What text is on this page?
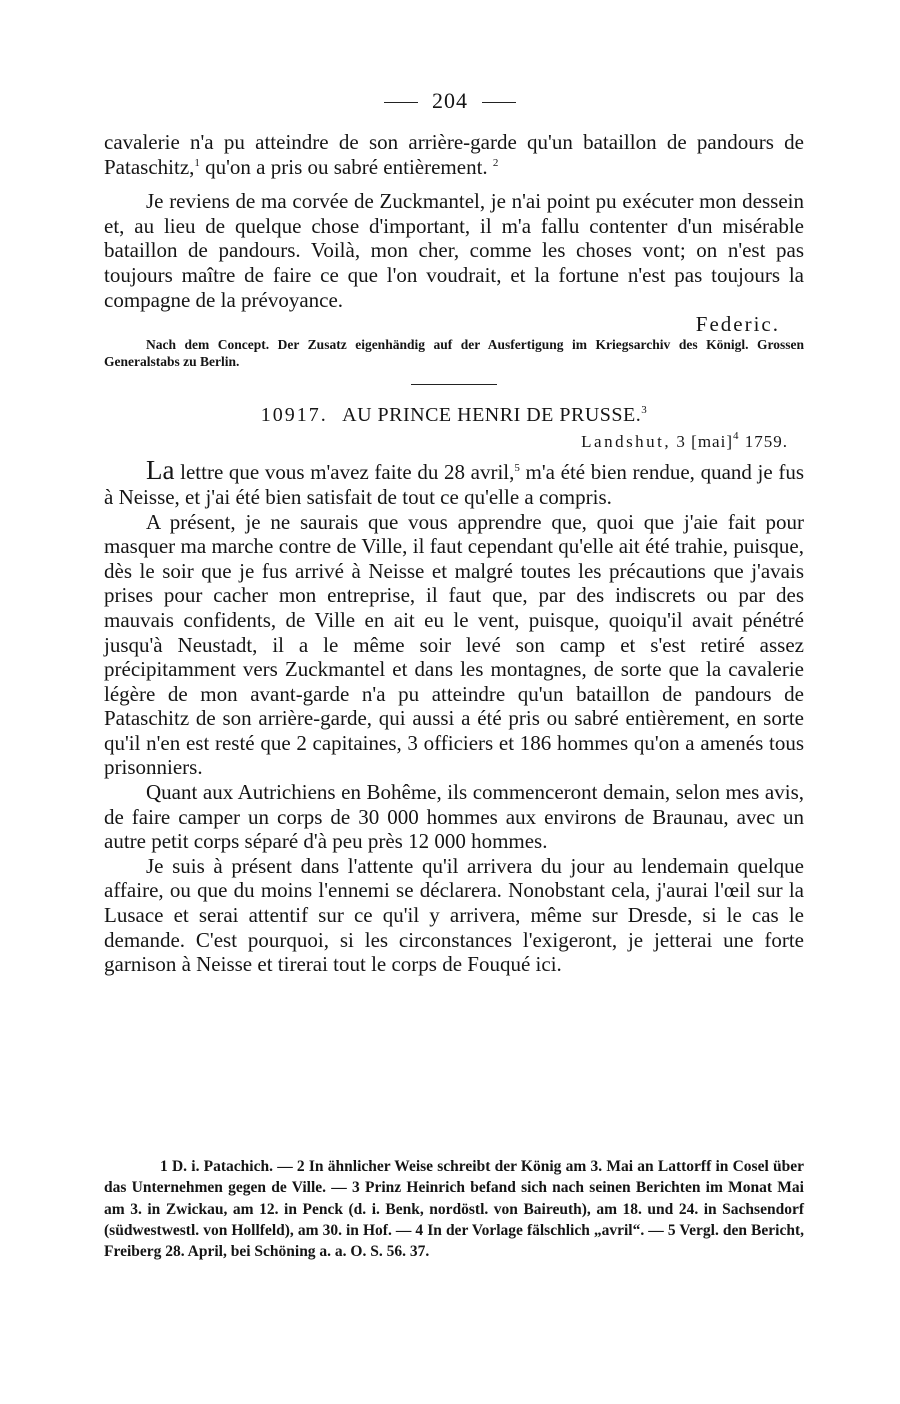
204

cavalerie n'a pu atteindre de son arrière-garde qu'un bataillon de pandours de Pataschitz,$^1$ qu'on a pris ou sabré entièrement. $^2$

Je reviens de ma corvée de Zuckmantel, je n'ai point pu exécuter mon dessein et, au lieu de quelque chose d'important, il m'a fallu contenter d'un misérable bataillon de pandours. Voilà, mon cher, comme les choses vont; on n'est pas toujours maître de faire ce que l'on voudrait, et la fortune n'est pas toujours la compagne de la prévoyance.

Federic.

Nach dem Concept. Der Zusatz eigenhändig auf der Ausfertigung im Kriegsarchiv des Königl. Grossen Generalstabs zu Berlin.

10917. AU PRINCE HENRI DE PRUSSE.$^3$
Landshut, 3 [mai]$^4$ 1759.

La lettre que vous m'avez faite du 28 avril,$^5$ m'a été bien rendue, quand je fus à Neisse, et j'ai été bien satisfait de tout ce qu'elle a compris.

A présent, je ne saurais que vous apprendre que, quoi que j'aie fait pour masquer ma marche contre de Ville, il faut cependant qu'elle ait été trahie, puisque, dès le soir que je fus arrivé à Neisse et malgré toutes les précautions que j'avais prises pour cacher mon entreprise, il faut que, par des indiscrets ou par des mauvais confidents, de Ville en ait eu le vent, puisque, quoiqu'il avait pénétré jusqu'à Neustadt, il a le même soir levé son camp et s'est retiré assez précipitamment vers Zuckmantel et dans les montagnes, de sorte que la cavalerie légère de mon avant-garde n'a pu atteindre qu'un bataillon de pandours de Pataschitz de son arrière-garde, qui aussi a été pris ou sabré entièrement, en sorte qu'il n'en est resté que 2 capitaines, 3 officiers et 186 hommes qu'on a amenés tous prisonniers.

Quant aux Autrichiens en Bohême, ils commenceront demain, selon mes avis, de faire camper un corps de 30 000 hommes aux environs de Braunau, avec un autre petit corps séparé d'à peu près 12 000 hommes.

Je suis à présent dans l'attente qu'il arrivera du jour au lendemain quelque affaire, ou que du moins l'ennemi se déclarera. Nonobstant cela, j'aurai l'œil sur la Lusace et serai attentif sur ce qu'il y arrivera, même sur Dresde, si le cas le demande. C'est pourquoi, si les circonstances l'exigeront, je jetterai une forte garnison à Neisse et tirerai tout le corps de Fouqué ici.

1 D. i. Patachich. — 2 In ähnlicher Weise schreibt der König am 3. Mai an Lattorff in Cosel über das Unternehmen gegen de Ville. — 3 Prinz Heinrich befand sich nach seinen Berichten im Monat Mai am 3. in Zwickau, am 12. in Penck (d. i. Benk, nordöstl. von Baireuth), am 18. und 24. in Sachsendorf (südwestwestl. von Hollfeld), am 30. in Hof. — 4 In der Vorlage fälschlich „avril“. — 5 Vergl. den Bericht, Freiberg 28. April, bei Schöning a. a. O. S. 56. 37.
